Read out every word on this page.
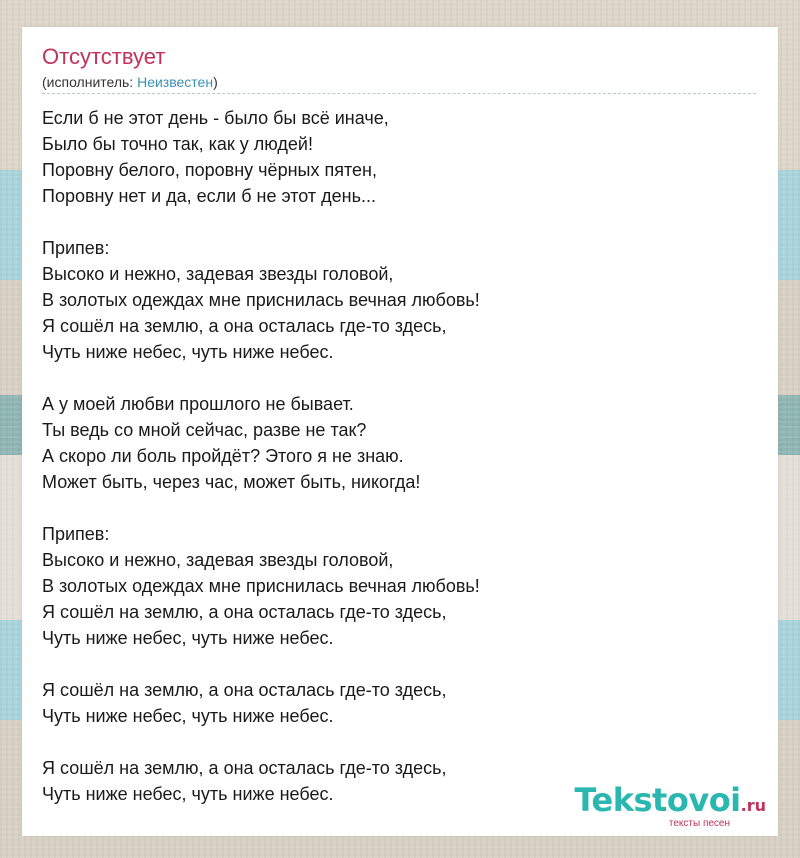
Отсутствует
(исполнитель: Неизвестен)
Если б не этот день - было бы всё иначе,
Было бы точно так, как у людей!
Поровну белого, поровну чёрных пятен,
Поровну нет и да, если б не этот день...
Припев:
Высоко и нежно, задевая звезды головой,
В золотых одеждах мне приснилась вечная любовь!
Я сошёл на землю, а она осталась где-то здесь,
Чуть ниже небес, чуть ниже небес.
А у моей любви прошлого не бывает.
Ты ведь со мной сейчас, разве не так?
А скоро ли боль пройдёт? Этого я не знаю.
Может быть, через час, может быть, никогда!
Припев:
Высоко и нежно, задевая звезды головой,
В золотых одеждах мне приснилась вечная любовь!
Я сошёл на землю, а она осталась где-то здесь,
Чуть ниже небес, чуть ниже небес.
Я сошёл на землю, а она осталась где-то здесь,
Чуть ниже небес, чуть ниже небес.
Я сошёл на землю, а она осталась где-то здесь,
Чуть ниже небес, чуть ниже небес.	Tekstovoi.ru
тексты песен
